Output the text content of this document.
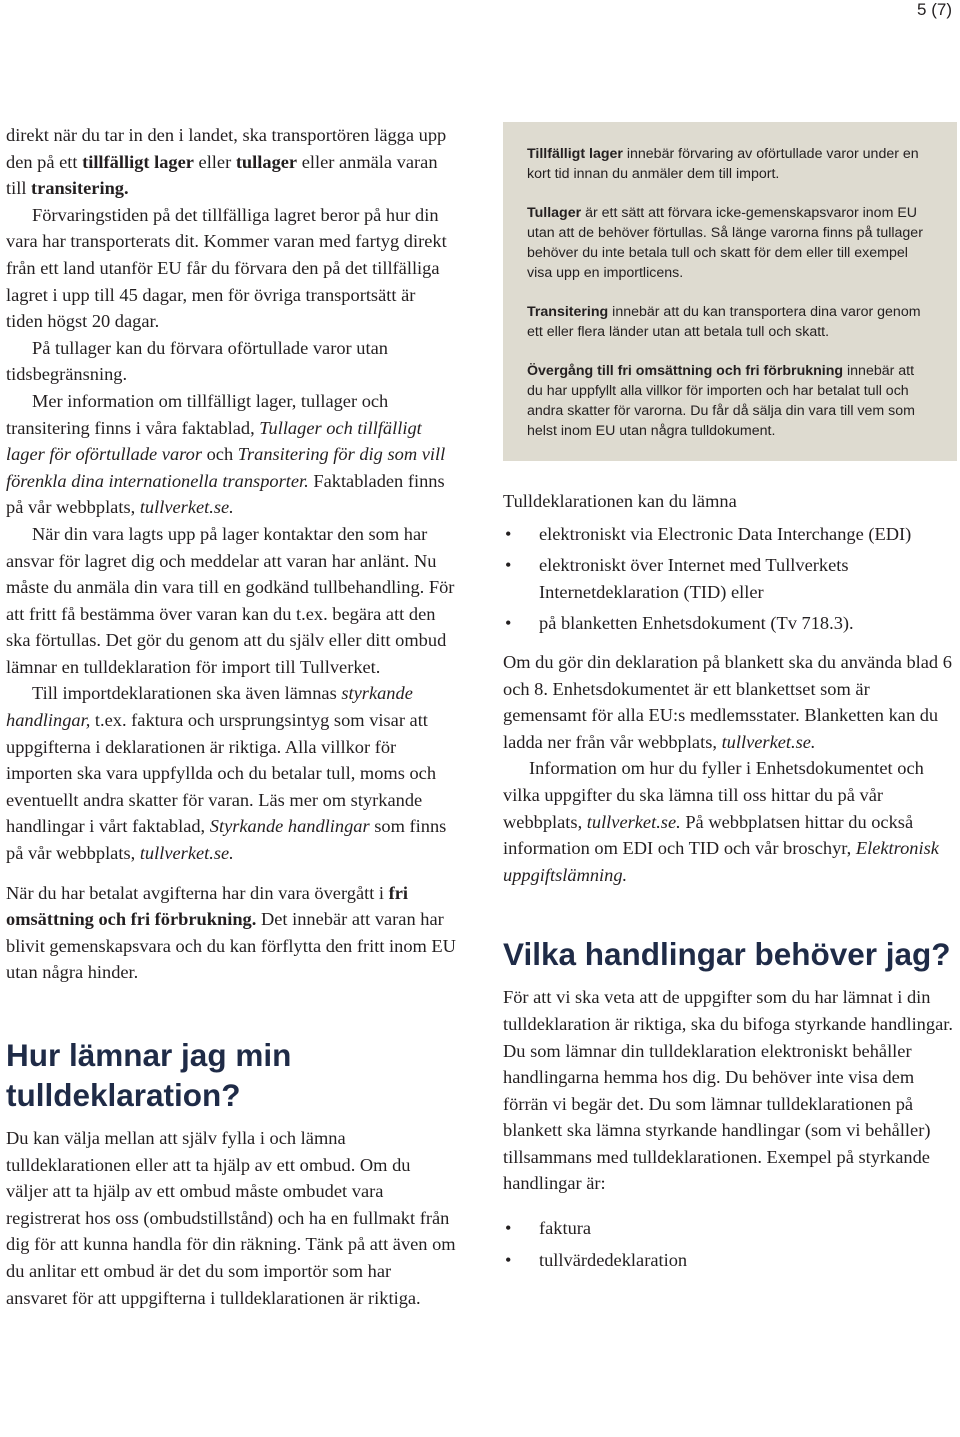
5 (7)

direkt när du tar in den i landet, ska transportören lägga upp den på ett tillfälligt lager eller tullager eller anmäla varan till transitering.

Förvaringstiden på det tillfälliga lagret beror på hur din vara har transporterats dit. Kommer varan med fartyg direkt från ett land utanför EU får du förvara den på det tillfälliga lagret i upp till 45 dagar, men för övriga transportsätt är tiden högst 20 dagar.

På tullager kan du förvara oförtullade varor utan tidsbegränsning.

Mer information om tillfälligt lager, tullager och transitering finns i våra faktablad, Tullager och tillfälligt lager för oförtullade varor och Transitering för dig som vill förenkla dina internationella transporter. Faktabladen finns på vår webbplats, tullverket.se.

När din vara lagts upp på lager kontaktar den som har ansvar för lagret dig och meddelar att varan har anlänt. Nu måste du anmäla din vara till en godkänd tullbehandling. För att fritt få bestämma över varan kan du t.ex. begära att den ska förtullas. Det gör du genom att du själv eller ditt ombud lämnar en tulldeklaration för import till Tullverket.

Till importdeklarationen ska även lämnas styrkande handlingar, t.ex. faktura och ursprungsintyg som visar att uppgifterna i deklarationen är riktiga. Alla villkor för importen ska vara uppfyllda och du betalar tull, moms och eventuellt andra skatter för varan. Läs mer om styrkande handlingar i vårt faktablad, Styrkande handlingar som finns på vår webbplats, tullverket.se.

När du har betalat avgifterna har din vara övergått i fri omsättning och fri förbrukning. Det innebär att varan har blivit gemenskapsvara och du kan förflytta den fritt inom EU utan några hinder.

Hur lämnar jag min tulldeklaration?

Du kan välja mellan att själv fylla i och lämna tulldeklarationen eller att ta hjälp av ett ombud. Om du väljer att ta hjälp av ett ombud måste ombudet vara registrerat hos oss (ombudstillstånd) och ha en fullmakt från dig för att kunna handla för din räkning. Tänk på att även om du anlitar ett ombud är det du som importör som har ansvaret för att uppgifterna i tulldeklarationen är riktiga.

Tillfälligt lager innebär förvaring av oförtullade varor under en kort tid innan du anmäler dem till import.
Tullager är ett sätt att förvara icke-gemenskapsvaror inom EU utan att de behöver förtullas. Så länge varorna finns på tullager behöver du inte betala tull och skatt för dem eller till exempel visa upp en importlicens.
Transitering innebär att du kan transportera dina varor genom ett eller flera länder utan att betala tull och skatt.
Övergång till fri omsättning och fri förbrukning innebär att du har uppfyllt alla villkor för importen och har betalat tull och andra skatter för varorna. Du får då sälja din vara till vem som helst inom EU utan några tulldokument.

Tulldeklarationen kan du lämna

• elektroniskt via Electronic Data Interchange (EDI)
• elektroniskt över Internet med Tullverkets Internetdeklaration (TID) eller
• på blanketten Enhetsdokument (Tv 718.3).

Om du gör din deklaration på blankett ska du använda blad 6 och 8. Enhetsdokumentet är ett blankettset som är gemensamt för alla EU:s medlemsstater. Blanketten kan du ladda ner från vår webbplats, tullverket.se.

Information om hur du fyller i Enhetsdokumentet och vilka uppgifter du ska lämna till oss hittar du på vår webbplats, tullverket.se. På webbplatsen hittar du också information om EDI och TID och vår broschyr, Elektronisk uppgiftslämning.

Vilka handlingar behöver jag?

För att vi ska veta att de uppgifter som du har lämnat i din tulldeklaration är riktiga, ska du bifoga styrkande handlingar. Du som lämnar din tulldeklaration elektroniskt behåller handlingarna hemma hos dig. Du behöver inte visa dem förrän vi begär det. Du som lämnar tulldeklarationen på blankett ska lämna styrkande handlingar (som vi behåller) tillsammans med tulldeklarationen. Exempel på styrkande handlingar är:

• faktura
• tullvärdedeklaration
